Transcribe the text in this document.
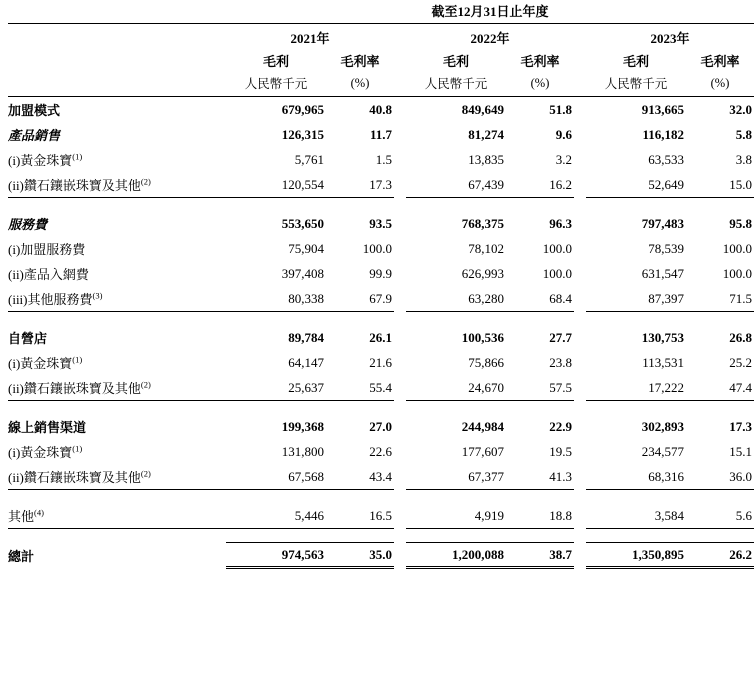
	截至12月31日止年度							

	2021年			2022年			2023年	
	毛利	毛利率		毛利	毛利率		毛利	毛利率
	人民幣千元	(%)		人民幣千元	(%)		人民幣千元	(%)

加盟模式	679,965	40.8		849,649	51.8		913,665	32.0
產品銷售	126,315	11.7		81,274	9.6		116,182	5.8
(i)黃金珠寶$^{(1)}$	5,761	1.5		13,835	3.2		63,533	3.8
(ii)鑽石鑲嵌珠寶及其他$^{(2)}$	120,554	17.3		67,439	16.2		52,649	15.0

服務費	553,650	93.5		768,375	96.3		797,483	95.8
(i)加盟服務費	75,904	100.0		78,102	100.0		78,539	100.0
(ii)產品入網費	397,408	99.9		626,993	100.0		631,547	100.0
(iii)其他服務費$^{(3)}$	80,338	67.9		63,280	68.4		87,397	71.5

自營店	89,784	26.1		100,536	27.7		130,753	26.8
(i)黃金珠寶$^{(1)}$	64,147	21.6		75,866	23.8		113,531	25.2
(ii)鑽石鑲嵌珠寶及其他$^{(2)}$	25,637	55.4		24,670	57.5		17,222	47.4

線上銷售渠道	199,368	27.0		244,984	22.9		302,893	17.3
(i)黃金珠寶$^{(1)}$	131,800	22.6		177,607	19.5		234,577	15.1
(ii)鑽石鑲嵌珠寶及其他$^{(2)}$	67,568	43.4		67,377	41.3		68,316	36.0

其他$^{(4)}$	5,446	16.5		4,919	18.8		3,584	5.6

總計	974,563	35.0		1,200,088	38.7		1,350,895	26.2
